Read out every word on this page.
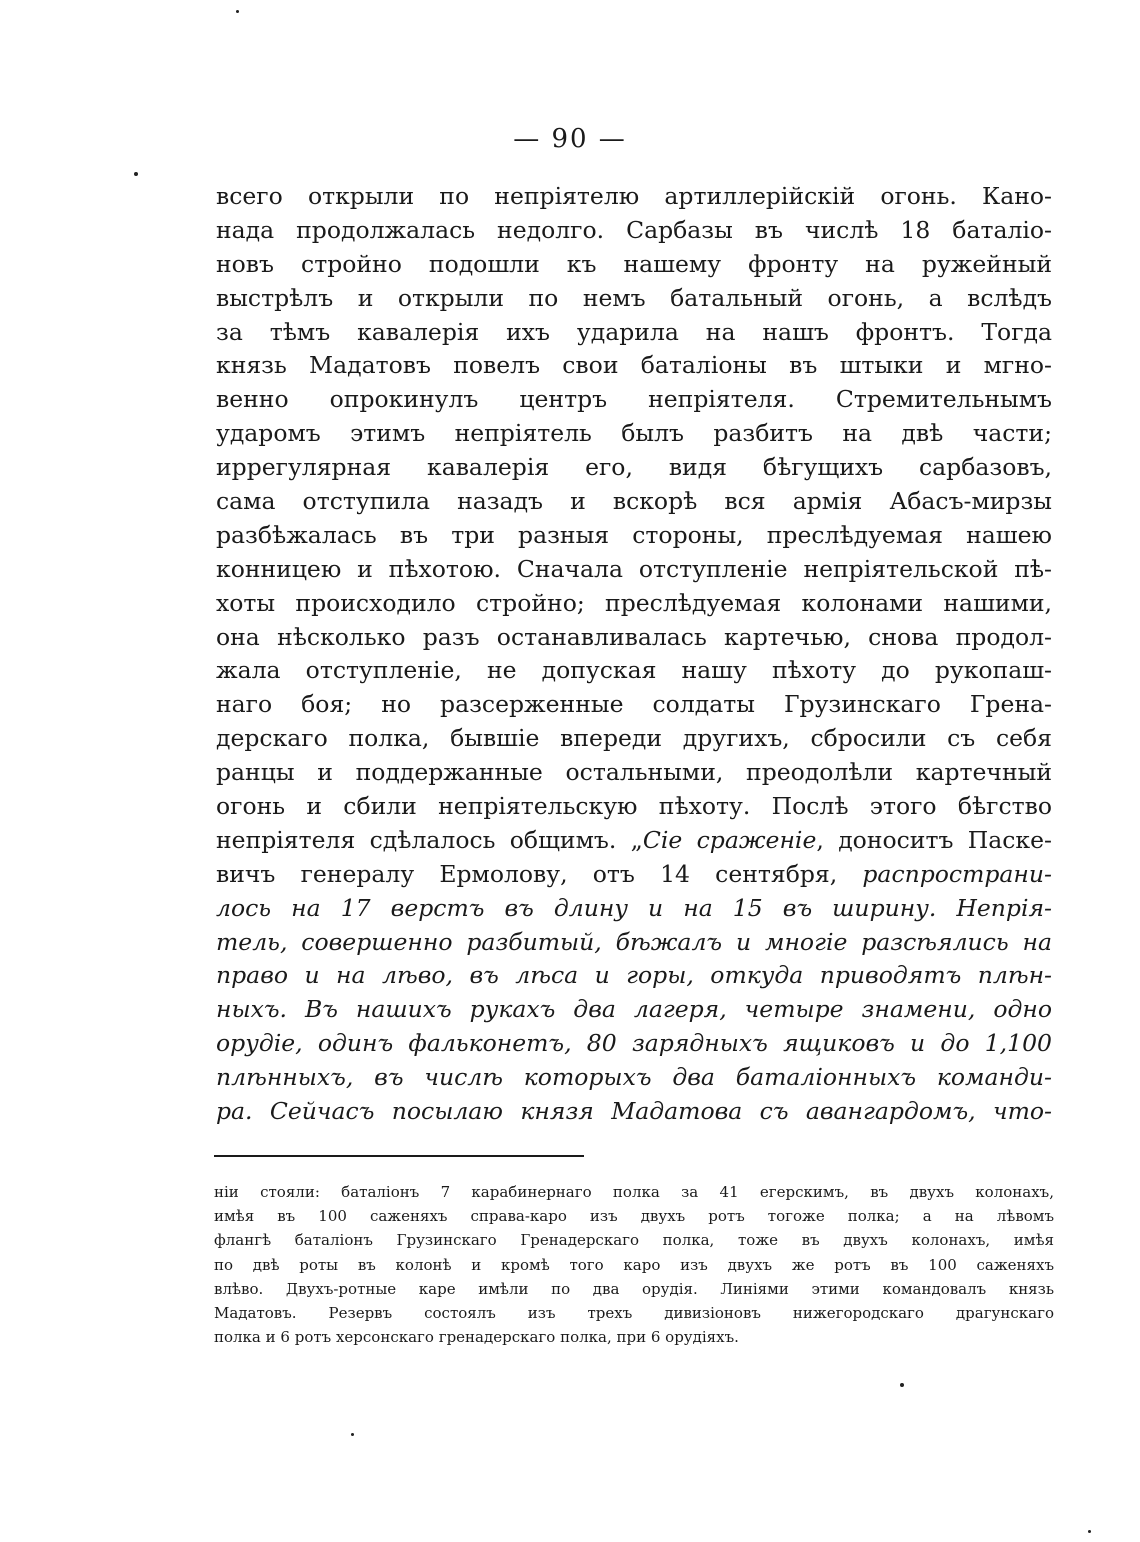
— 90 —
всего открыли по непріятелю артиллерійскій огонь. Кано-
нада продолжалась недолго. Сарбазы въ числѣ 18 баталіо-
новъ стройно подошли къ нашему фронту на ружейный
выстрѣлъ и открыли по немъ батальный огонь, а вслѣдъ
за тѣмъ кавалерія ихъ ударила на нашъ фронтъ. Тогда
князь Мадатовъ повелъ свои баталіоны въ штыки и мгно-
венно опрокинулъ центръ непріятеля. Стремительнымъ
ударомъ этимъ непріятель былъ разбитъ на двѣ части;
иррегулярная кавалерія его, видя бѣгущихъ сарбазовъ,
сама отступила назадъ и вскорѣ вся армія Абасъ-мирзы
разбѣжалась въ три разныя стороны, преслѣдуемая нашею
конницею и пѣхотою. Сначала отступленіе непріятельской пѣ-
хоты происходило стройно; преслѣдуемая колонами нашими,
она нѣсколько разъ останавливалась картечью, снова продол-
жала отступленіе, не допуская нашу пѣхоту до рукопаш-
наго боя; но разсерженные солдаты Грузинскаго Грена-
дерскаго полка, бывшіе впереди другихъ, сбросили съ себя
ранцы и поддержанные остальными, преодолѣли картечный
огонь и сбили непріятельскую пѣхоту. Послѣ этого бѣгство
непріятеля сдѣлалось общимъ. „Сіе сраженіе, доноситъ Паске-
вичъ генералу Ермолову, отъ 14 сентября, распространи-
лось на 17 верстъ въ длину и на 15 въ ширину. Непрія-
тель, совершенно разбитый, бѣжалъ и многіе разсѣялись на
право и на лѣво, въ лѣса и горы, откуда приводятъ плѣн-
ныхъ. Въ нашихъ рукахъ два лагеря, четыре знамени, одно
орудіе, одинъ фальконетъ, 80 зарядныхъ ящиковъ и до 1,100
плѣнныхъ, въ числѣ которыхъ два баталіонныхъ команди-
ра. Сейчасъ посылаю князя Мадатова съ авангардомъ, что-
ніи стояли: баталіонъ 7 карабинернаго полка за 41 егерскимъ, въ двухъ колонахъ,
имѣя въ 100 саженяхъ справа-каро изъ двухъ ротъ тогоже полка; а на лѣвомъ
флангѣ баталіонъ Грузинскаго Гренадерскаго полка, тоже въ двухъ колонахъ, имѣя
по двѣ роты въ колонѣ и кромѣ того каро изъ двухъ же ротъ въ 100 саженяхъ
влѣво. Двухъ-ротные каре имѣли по два орудія. Линіями этими командовалъ князь
Мадатовъ. Резервъ состоялъ изъ трехъ дивизіоновъ нижегородскаго драгунскаго
полка и 6 ротъ херсонскаго гренадерскаго полка, при 6 орудіяхъ.
